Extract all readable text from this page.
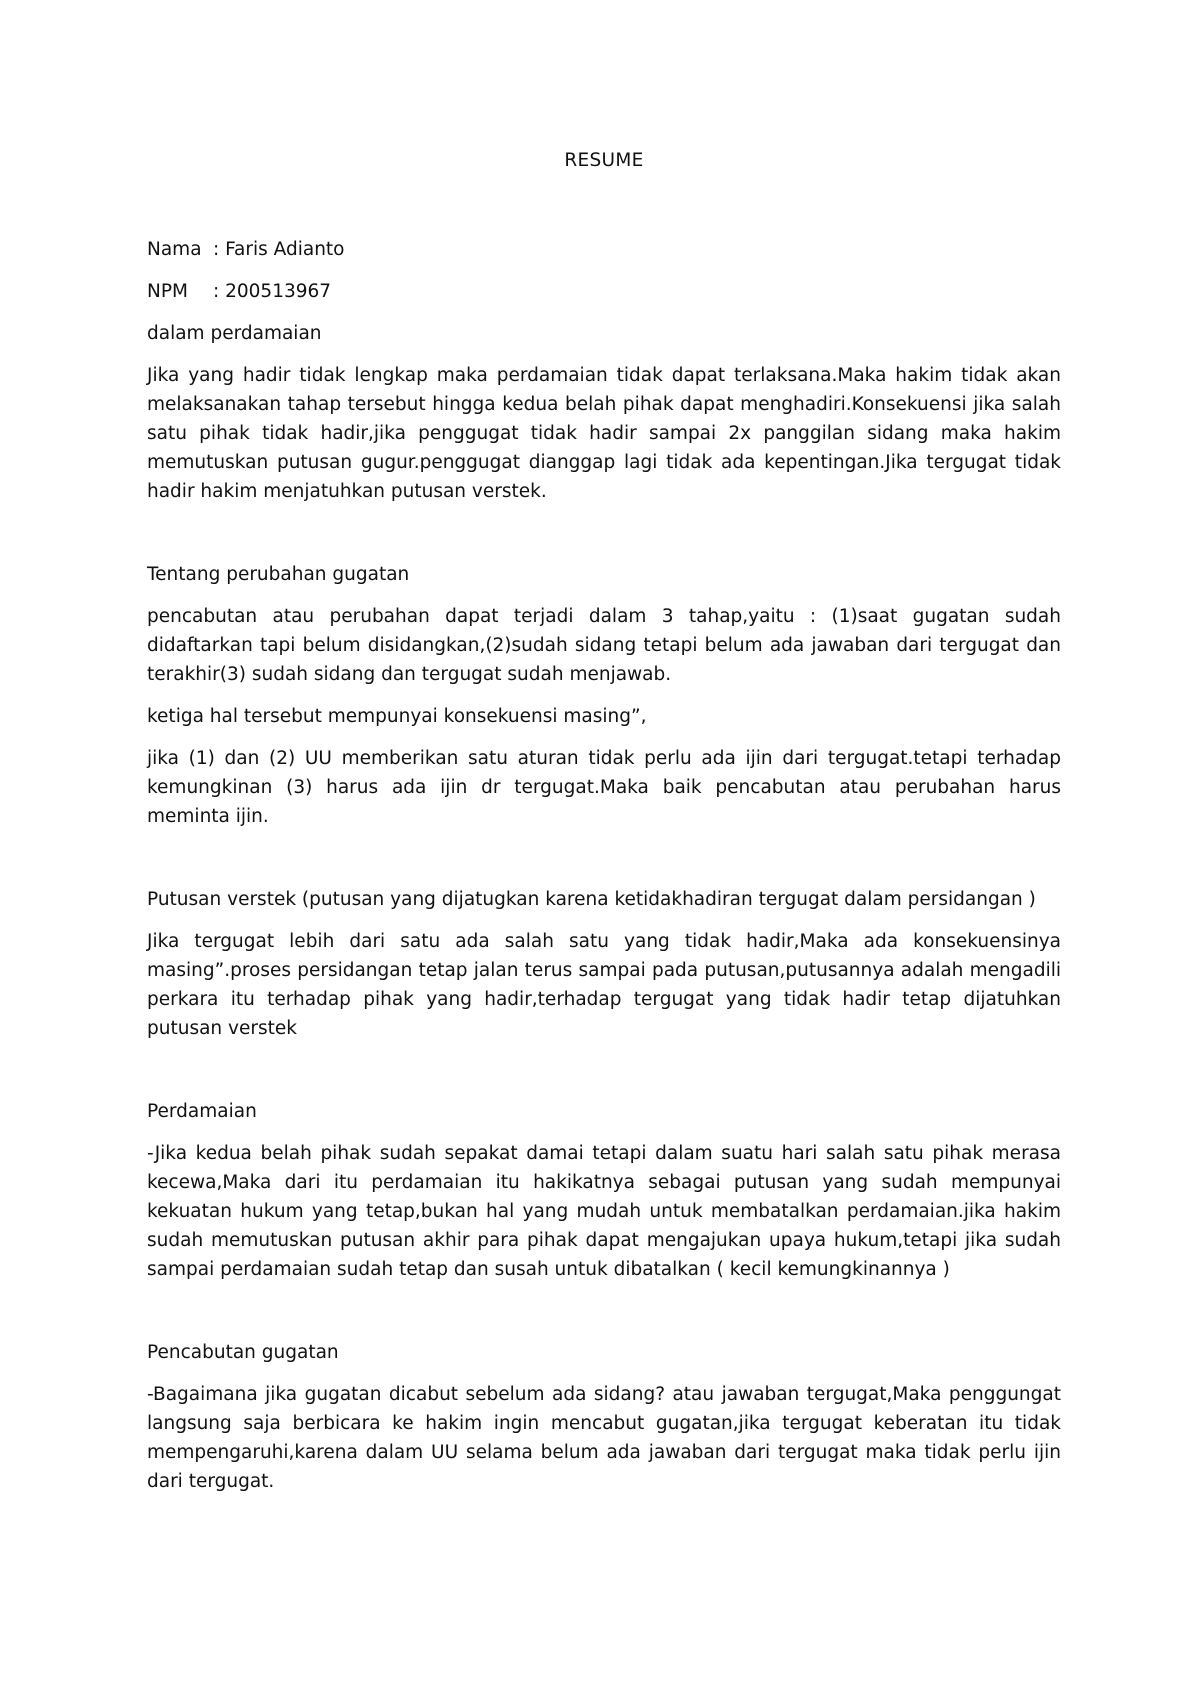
RESUME

Nama : Faris Adianto

NPM : 200513967

dalam perdamaian

Jika yang hadir tidak lengkap maka perdamaian tidak dapat terlaksana.Maka hakim tidak akan melaksanakan tahap tersebut hingga kedua belah pihak dapat menghadiri.Konsekuensi jika salah satu pihak tidak hadir,jika penggugat tidak hadir sampai 2x panggilan sidang maka hakim memutuskan putusan gugur.penggugat dianggap lagi tidak ada kepentingan.Jika tergugat tidak hadir hakim menjatuhkan putusan verstek.

Tentang perubahan gugatan

pencabutan atau perubahan dapat terjadi dalam 3 tahap,yaitu : (1)saat gugatan sudah didaftarkan tapi belum disidangkan,(2)sudah sidang tetapi belum ada jawaban dari tergugat dan terakhir(3) sudah sidang dan tergugat sudah menjawab.

ketiga hal tersebut mempunyai konsekuensi masing”,

jika (1) dan (2) UU memberikan satu aturan tidak perlu ada ijin dari tergugat.tetapi terhadap kemungkinan (3) harus ada ijin dr tergugat.Maka baik pencabutan atau perubahan harus meminta ijin.

Putusan verstek (putusan yang dijatugkan karena ketidakhadiran tergugat dalam persidangan )

Jika tergugat lebih dari satu ada salah satu yang tidak hadir,Maka ada konsekuensinya masing”.proses persidangan tetap jalan terus sampai pada putusan,putusannya adalah mengadili perkara itu terhadap pihak yang hadir,terhadap tergugat yang tidak hadir tetap dijatuhkan putusan verstek

Perdamaian

-Jika kedua belah pihak sudah sepakat damai tetapi dalam suatu hari salah satu pihak merasa kecewa,Maka dari itu perdamaian itu hakikatnya sebagai putusan yang sudah mempunyai kekuatan hukum yang tetap,bukan hal yang mudah untuk membatalkan perdamaian.jika hakim sudah memutuskan putusan akhir para pihak dapat mengajukan upaya hukum,tetapi jika sudah sampai perdamaian sudah tetap dan susah untuk dibatalkan ( kecil kemungkinannya )

Pencabutan gugatan

-Bagaimana jika gugatan dicabut sebelum ada sidang? atau jawaban tergugat,Maka penggungat langsung saja berbicara ke hakim ingin mencabut gugatan,jika tergugat keberatan itu tidak mempengaruhi,karena dalam UU selama belum ada jawaban dari tergugat maka tidak perlu ijin dari tergugat.
